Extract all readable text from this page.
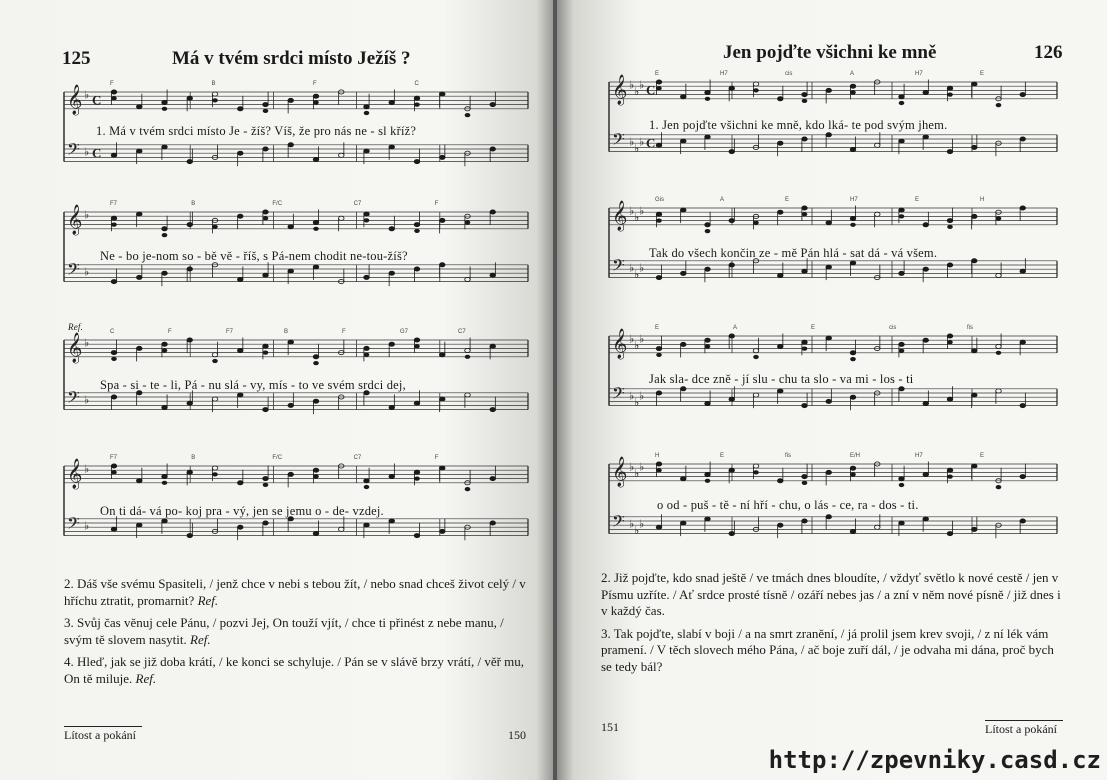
125	Má v tvém srdci místo Ježíš ?
𝄞 ♭ C
𝄢 ♭ C
F	B	F	C
1. Má v tvém srdci místo Je - žíš? Víš, že pro nás ne - sl kříž?
𝄞 ♭
𝄢 ♭
F7	B	F/C	C7	F
Ne - bo je-nom so - bě vě - říš, s Pá-nem chodit ne-tou-žíš?
𝄞 ♭
𝄢 ♭
C	F	F7	B	F	G7	C7
Ref.
Spa - si - te - li, Pá - nu slá - vy, mís - to ve svém srdci dej,
𝄞 ♭
𝄢 ♭
F7	B	F/C	C7	F
On ti dá- vá po- koj pra - vý, jen se jemu o - de- vzdej.

2. Dáš vše svému Spasiteli, / jenž chce v nebi s tebou žít, / nebo snad chceš život celý / v hříchu ztratit, promarnit? Ref.

3. Svůj čas věnuj cele Pánu, / pozvi Jej, On touží vjít, / chce ti přinést z nebe manu, / svým tě slovem nasytit. Ref.

4. Hleď, jak se již doba krátí, / ke konci se schyluje. / Pán se v slávě brzy vrátí, / věř mu, On tě miluje. Ref.

Lítost a pokání	150
Jen pojďte všichni ke mně	126
𝄞 ♭ ♭ ♭ C
𝄢 ♭ ♭ ♭ C
E	H7	cis	A	H7	E
1. Jen pojďte všichni ke mně, kdo lká- te pod svým jhem.
𝄞 ♭ ♭ ♭
𝄢 ♭ ♭ ♭
Gis	A	E	H7	E	H
Tak do všech končin ze - mě Pán hlá - sat dá - vá všem.
𝄞 ♭ ♭ ♭
𝄢 ♭ ♭ ♭
E	A	E	cis	fis
Jak sla- dce zně - jí slu - chu ta slo - va mi - los - ti
𝄞 ♭ ♭ ♭
𝄢 ♭ ♭ ♭
H	E	fis	E/H	H7	E
o od - puš - tě - ní hří - chu, o lás - ce, ra - dos - ti.

2. Již pojďte, kdo snad ještě / ve tmách dnes bloudíte, / vždyť světlo k nové cestě / jen v Písmu uzříte. / Ať srdce prosté tísně / ozáří nebes jas / a zní v něm nové písně / již dnes i v každý čas.

3. Tak pojďte, slabí v boji / a na smrt zranění, / já prolil jsem krev svoji, / z ní lék vám pramení. / V těch slovech mého Pána, / ač boje zuří dál, / je odvaha mi dána, proč bych se tedy bál?

151	Lítost a pokání
http://zpevniky.casd.cz
